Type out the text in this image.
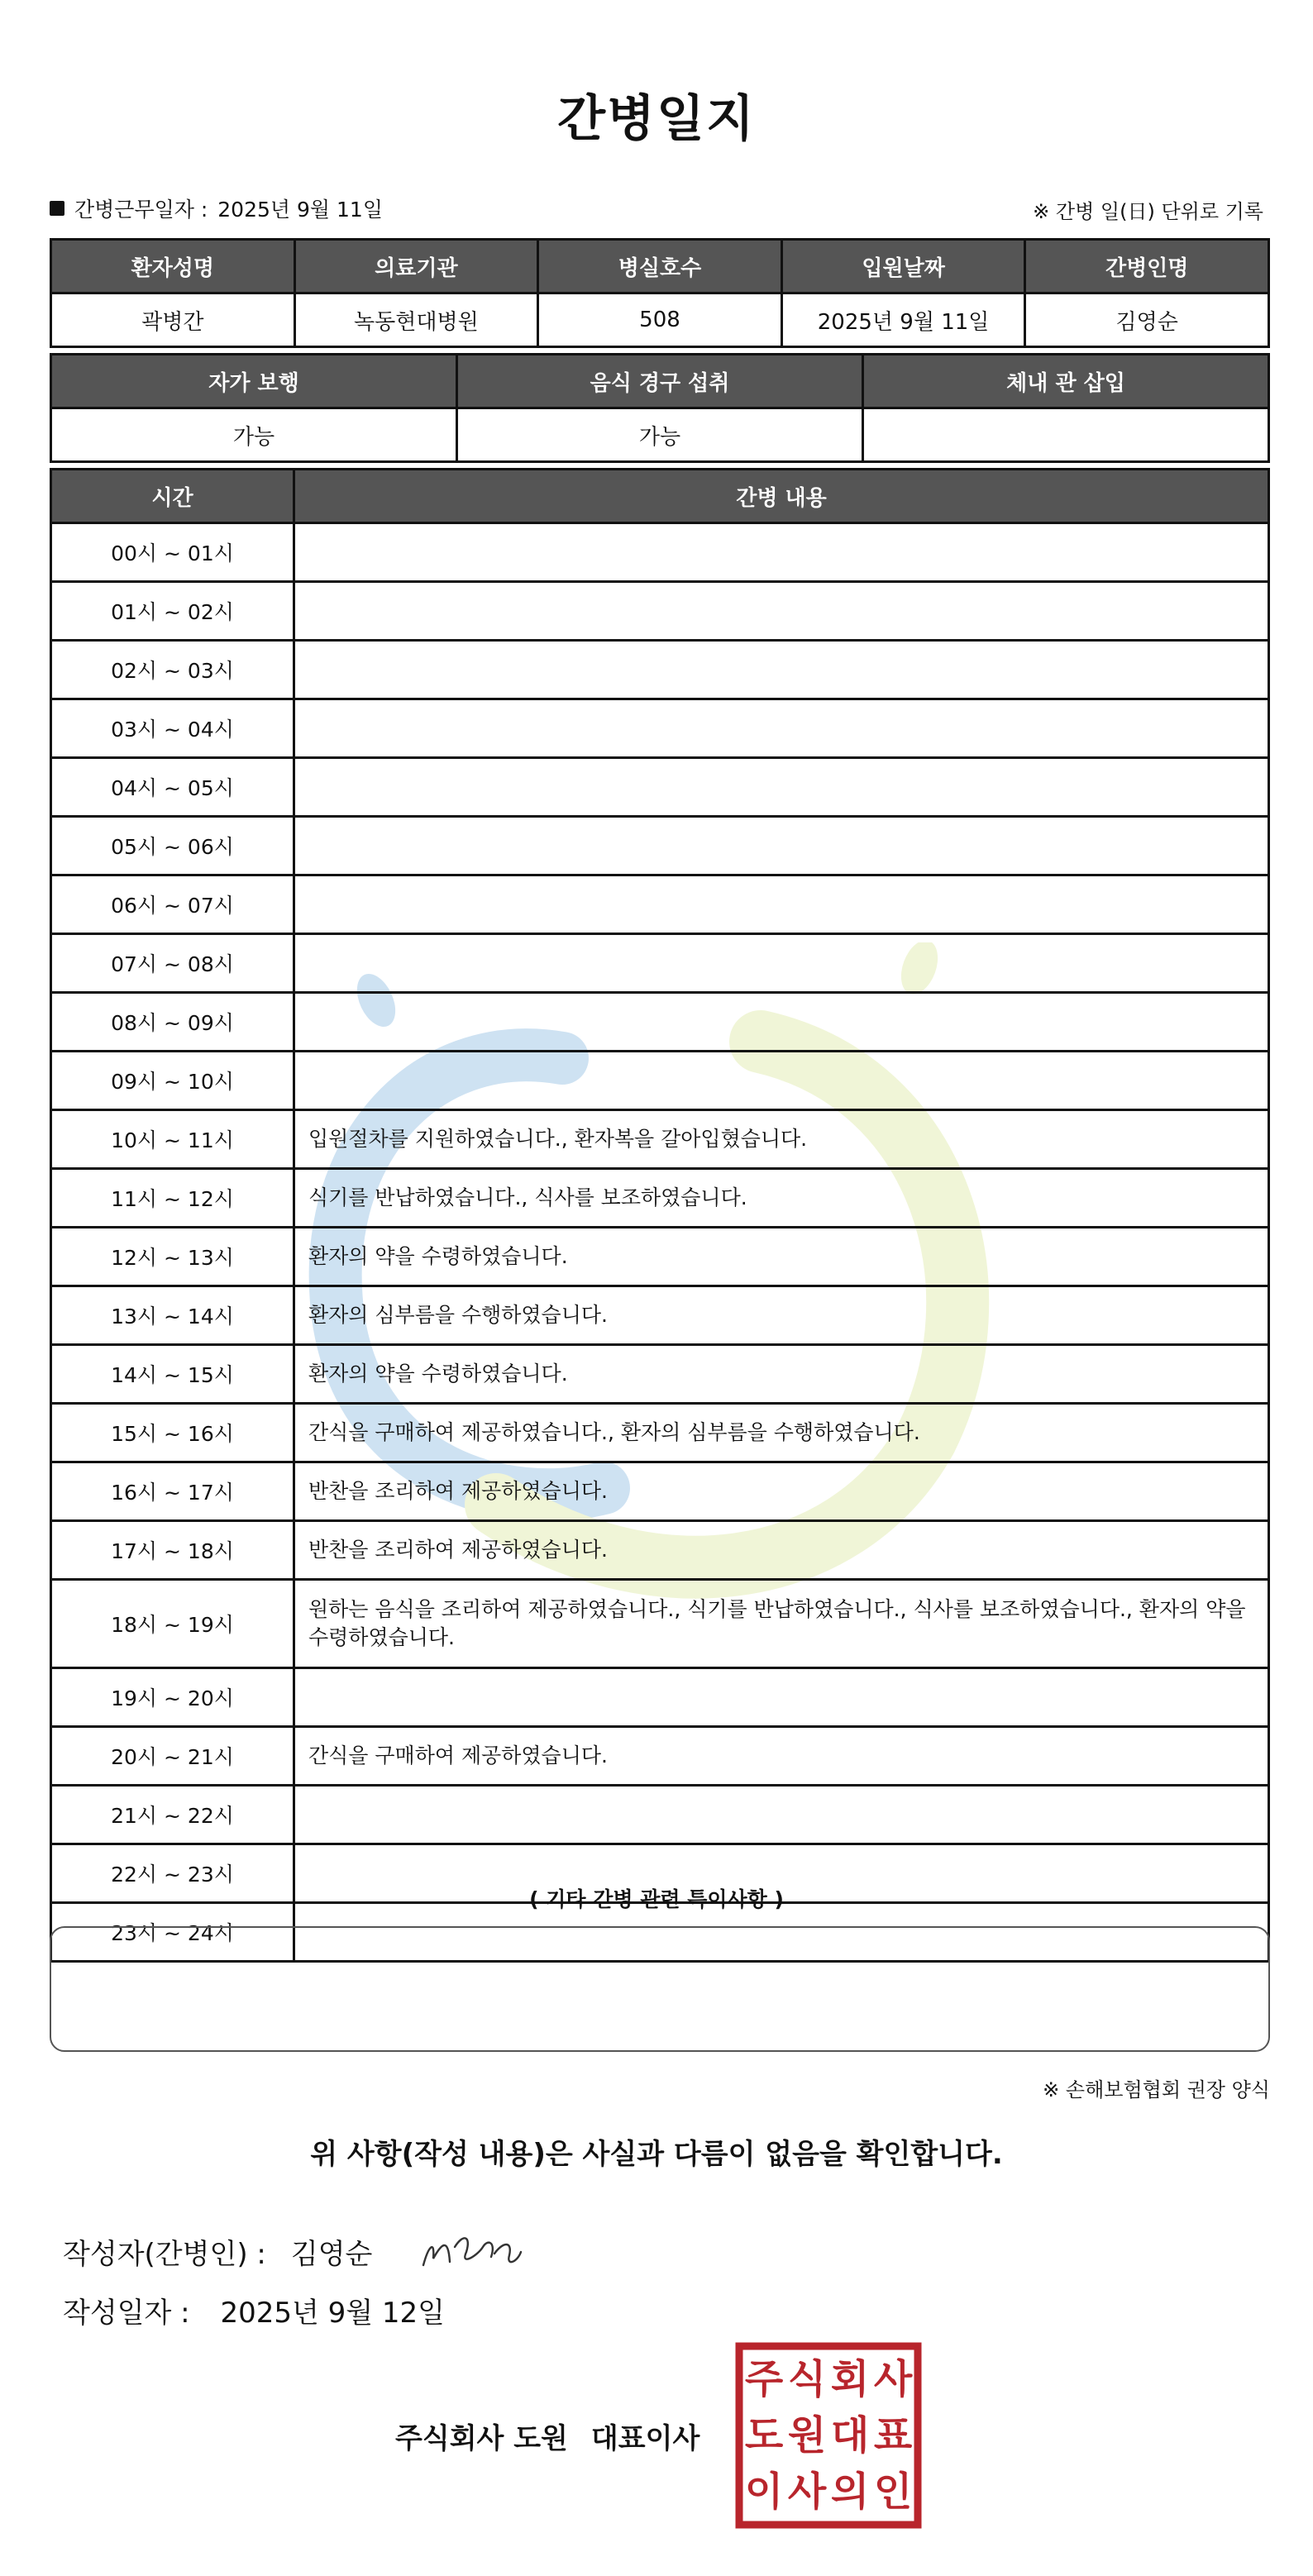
간병일지
간병근무일자 : 2025년 9월 11일	※ 간병 일(日) 단위로 기록
환자성명	의료기관	병실호수	입원날짜	간병인명
곽병간	녹동현대병원	508	2025년 9월 11일	김영순
자가 보행	음식 경구 섭취	체내 관 삽입
가능	가능	
시간	간병 내용
00시 ~ 01시	
01시 ~ 02시	
02시 ~ 03시	
03시 ~ 04시	
04시 ~ 05시	
05시 ~ 06시	
06시 ~ 07시	
07시 ~ 08시	
08시 ~ 09시	
09시 ~ 10시	
10시 ~ 11시	입원절차를 지원하였습니다., 환자복을 갈아입혔습니다.
11시 ~ 12시	식기를 반납하였습니다., 식사를 보조하였습니다.
12시 ~ 13시	환자의 약을 수령하였습니다.
13시 ~ 14시	환자의 심부름을 수행하였습니다.
14시 ~ 15시	환자의 약을 수령하였습니다.
15시 ~ 16시	간식을 구매하여 제공하였습니다., 환자의 심부름을 수행하였습니다.
16시 ~ 17시	반찬을 조리하여 제공하였습니다.
17시 ~ 18시	반찬을 조리하여 제공하였습니다.
18시 ~ 19시	원하는 음식을 조리하여 제공하였습니다., 식기를 반납하였습니다., 식사를 보조하였습니다., 환자의 약을 수령하였습니다.
19시 ~ 20시	
20시 ~ 21시	간식을 구매하여 제공하였습니다.
21시 ~ 22시	
22시 ~ 23시	
23시 ~ 24시	
( 기타 간병 관련 특이사항 )
※ 손해보험협회 권장 양식
위 사항(작성 내용)은 사실과 다름이 없음을 확인합니다.
작성자(간병인) : 김영순
작성일자 : 2025년 9월 12일
주식회사 도원 대표이사
주 식 회 사
도 원 대 표
이 사 의 인
